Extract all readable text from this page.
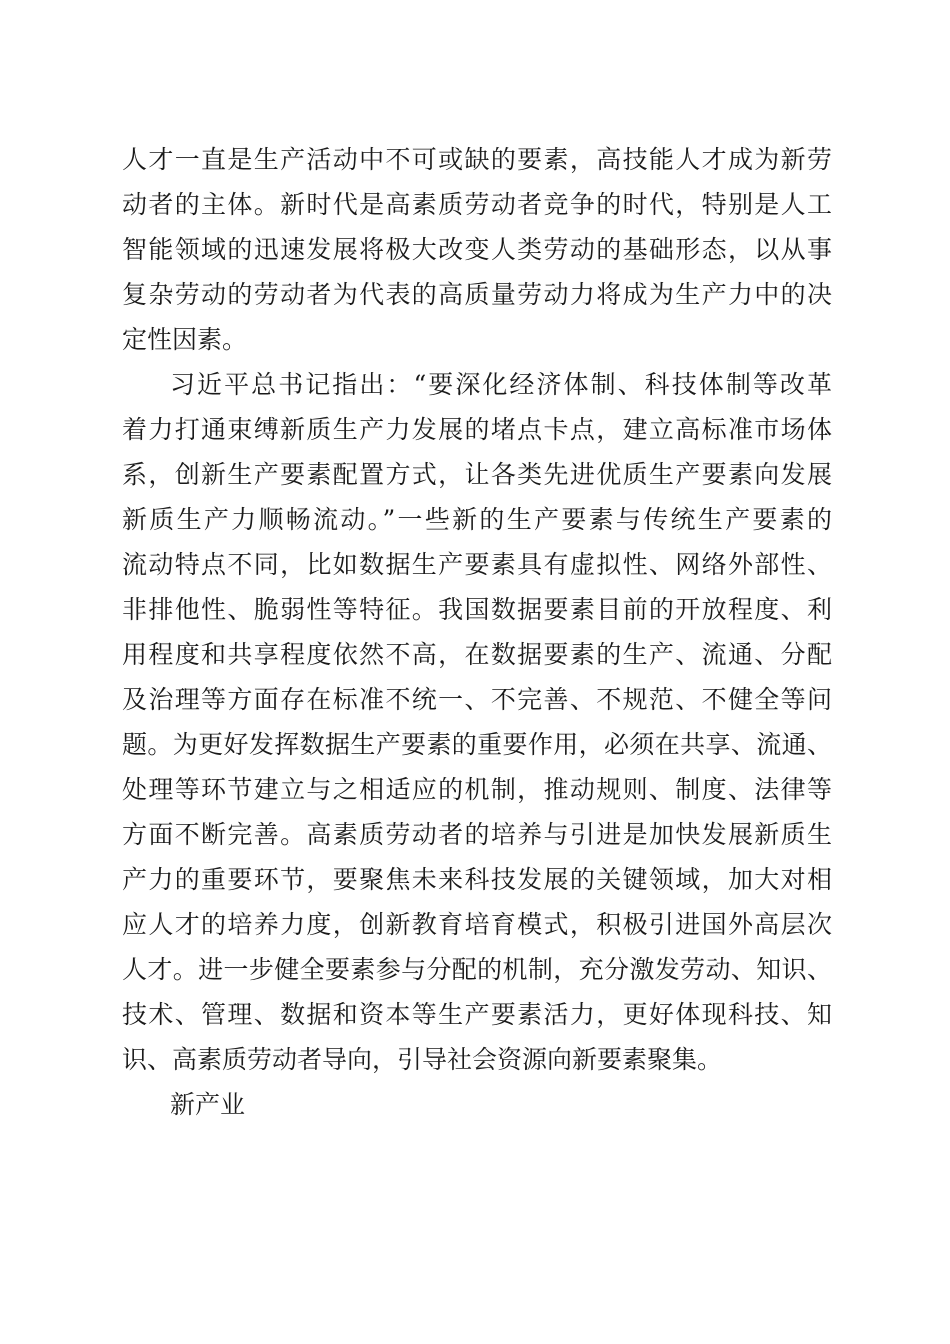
人才一直是生产活动中不可或缺的要素，高技能人才成为新劳
动者的主体。新时代是高素质劳动者竞争的时代，特别是人工
智能领域的迅速发展将极大改变人类劳动的基础形态，以从事
复杂劳动的劳动者为代表的高质量劳动力将成为生产力中的决
定性因素。
习近平总书记指出：“要深化经济体制、科技体制等改革
着力打通束缚新质生产力发展的堵点卡点，建立高标准市场体
系，创新生产要素配置方式，让各类先进优质生产要素向发展
新质生产力顺畅流动。”一些新的生产要素与传统生产要素的
流动特点不同，比如数据生产要素具有虚拟性、网络外部性、
非排他性、脆弱性等特征。我国数据要素目前的开放程度、利
用程度和共享程度依然不高，在数据要素的生产、流通、分配
及治理等方面存在标准不统一、不完善、不规范、不健全等问
题。为更好发挥数据生产要素的重要作用，必须在共享、流通、
处理等环节建立与之相适应的机制，推动规则、制度、法律等
方面不断完善。高素质劳动者的培养与引进是加快发展新质生
产力的重要环节，要聚焦未来科技发展的关键领域，加大对相
应人才的培养力度，创新教育培育模式，积极引进国外高层次
人才。进一步健全要素参与分配的机制，充分激发劳动、知识、
技术、管理、数据和资本等生产要素活力，更好体现科技、知
识、高素质劳动者导向，引导社会资源向新要素聚集。
新产业
